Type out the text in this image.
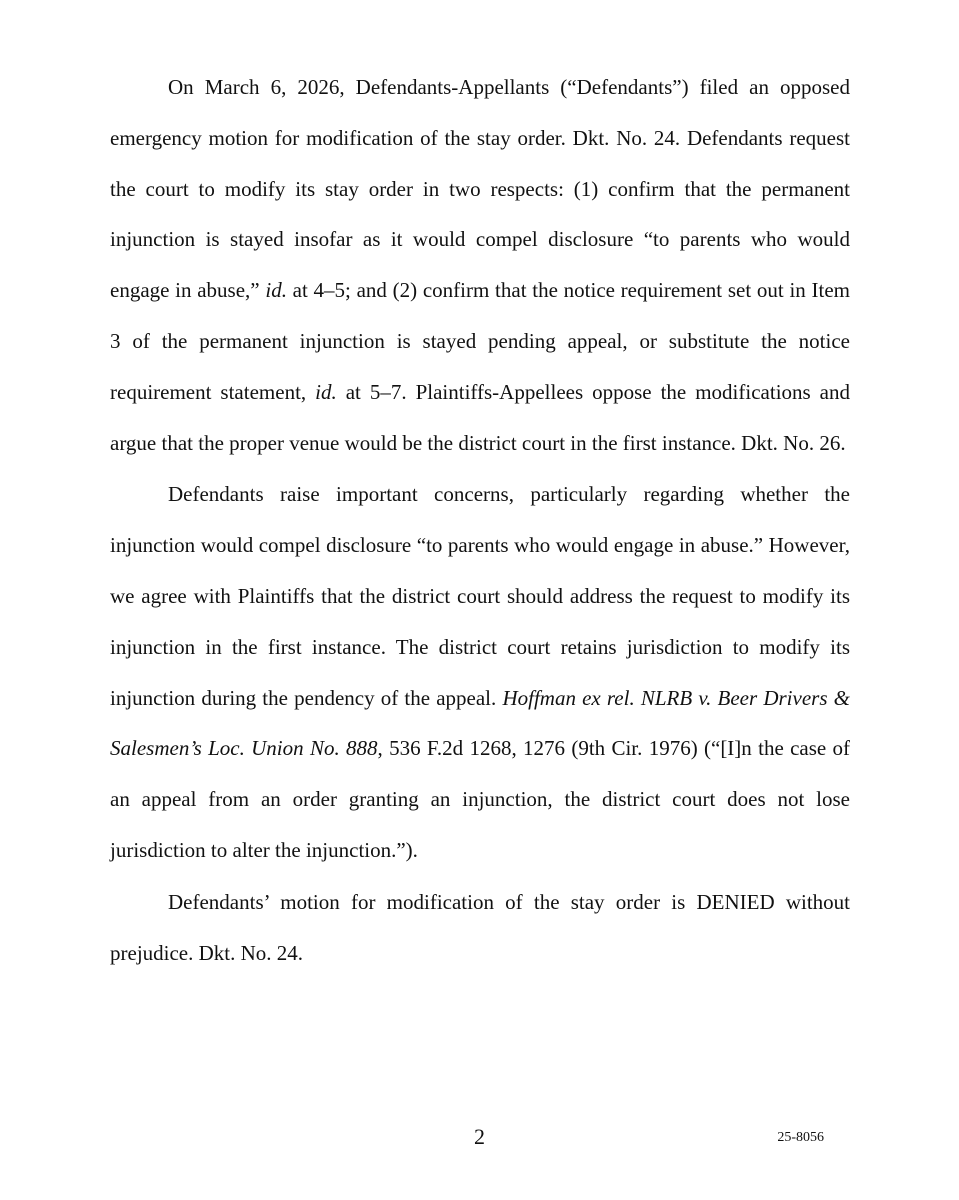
On March 6, 2026, Defendants-Appellants (“Defendants”) filed an opposed emergency motion for modification of the stay order. Dkt. No. 24. Defendants request the court to modify its stay order in two respects: (1) confirm that the permanent injunction is stayed insofar as it would compel disclosure “to parents who would engage in abuse,” id. at 4–5; and (2) confirm that the notice requirement set out in Item 3 of the permanent injunction is stayed pending appeal, or substitute the notice requirement statement, id. at 5–7. Plaintiffs-Appellees oppose the modifications and argue that the proper venue would be the district court in the first instance. Dkt. No. 26.

Defendants raise important concerns, particularly regarding whether the injunction would compel disclosure “to parents who would engage in abuse.” However, we agree with Plaintiffs that the district court should address the request to modify its injunction in the first instance. The district court retains jurisdiction to modify its injunction during the pendency of the appeal. Hoffman ex rel. NLRB v. Beer Drivers & Salesmen’s Loc. Union No. 888, 536 F.2d 1268, 1276 (9th Cir. 1976) (“[I]n the case of an appeal from an order granting an injunction, the district court does not lose jurisdiction to alter the injunction.”).

Defendants’ motion for modification of the stay order is DENIED without prejudice. Dkt. No. 24.

2	25-8056
